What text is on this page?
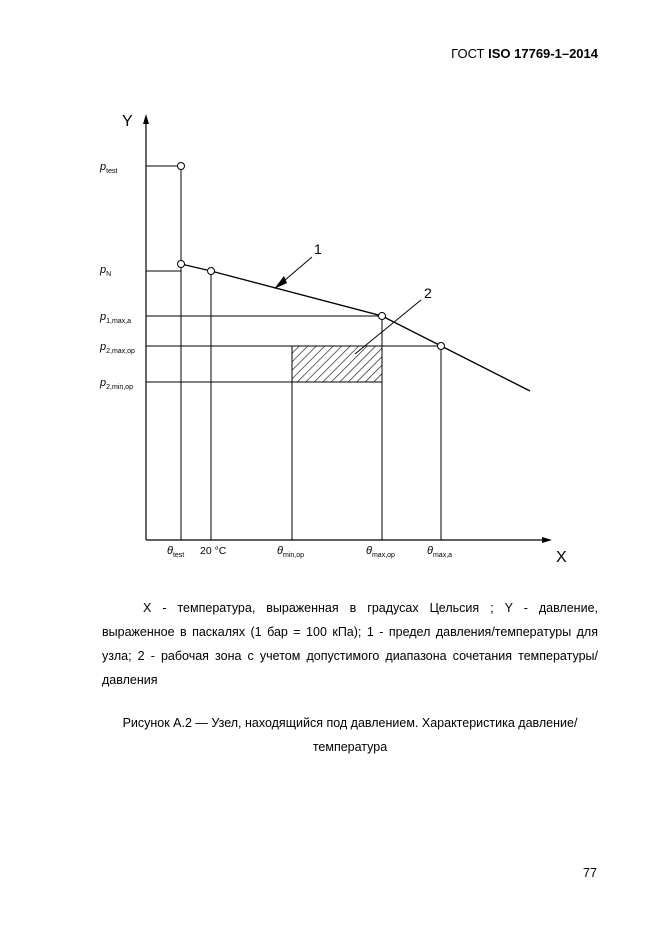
ГОСТ ISO 17769-1–2014
Y
X
1
2
$p_{test}$
$p_N$
$p_{1,max,a}$
$p_{2,max,op}$
$p_{2,min,op}$
$\theta_{test}$ 20 °C	$\theta_{min,op}$	$\theta_{max,op}$	$\theta_{max,a}$
X - температура, выраженная в градусах Цельсия ; Y - давление, выраженное в паскалях (1 бар = 100 кПа); 1 - предел давления/температуры для узла; 2 - рабочая зона с учетом допустимого диапазона сочетания температуры/давления
Рисунок А.2 — Узел, находящийся под давлением. Характеристика давление/температура
77
